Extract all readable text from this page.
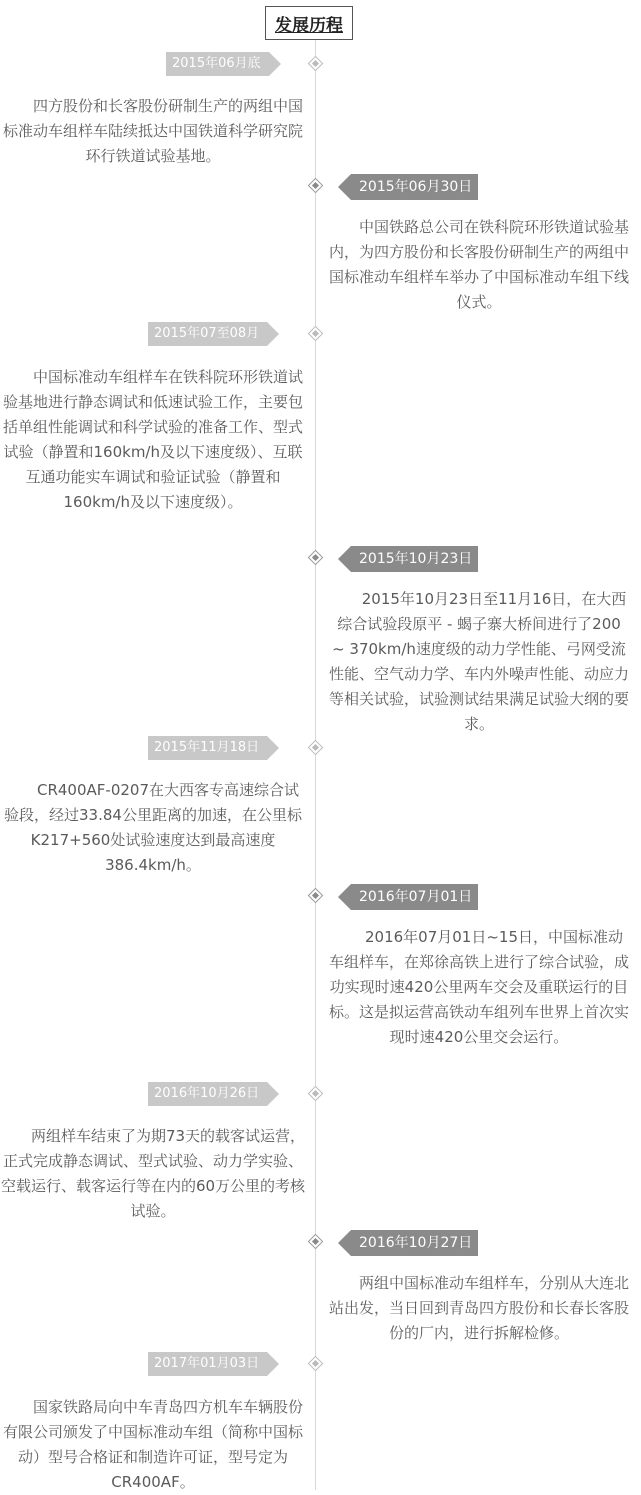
发展历程
2015年06月底
四方股份和长客股份研制生产的两组中国标准动车组样车陆续抵达中国铁道科学研究院环行铁道试验基地。
2015年06月30日
中国铁路总公司在铁科院环形铁道试验基内，为四方股份和长客股份研制生产的两组中国标准动车组样车举办了中国标准动车组下线仪式。
2015年07至08月
中国标准动车组样车在铁科院环形铁道试验基地进行静态调试和低速试验工作，主要包括单组性能调试和科学试验的准备工作、型式试验（静置和160km/h及以下速度级）、互联互通功能实车调试和验证试验（静置和160km/h及以下速度级）。
2015年10月23日
2015年10月23日至11月16日，在大西综合试验段原平 - 蝎子寨大桥间进行了200 ~ 370km/h速度级的动力学性能、弓网受流性能、空气动力学、车内外噪声性能、动应力等相关试验，试验测试结果满足试验大纲的要求。
2015年11月18日
CR400AF-0207在大西客专高速综合试验段，经过33.84公里距离的加速，在公里标K217+560处试验速度达到最高速度386.4km/h。
2016年07月01日
2016年07月01日~15日，中国标准动车组样车，在郑徐高铁上进行了综合试验，成功实现时速420公里两车交会及重联运行的目标。这是拟运营高铁动车组列车世界上首次实现时速420公里交会运行。
2016年10月26日
两组样车结束了为期73天的载客试运营，正式完成静态调试、型式试验、动力学实验、空载运行、载客运行等在内的60万公里的考核试验。
2016年10月27日
两组中国标准动车组样车，分别从大连北站出发，当日回到青岛四方股份和长春长客股份的厂内，进行拆解检修。
2017年01月03日
国家铁路局向中车青岛四方机车车辆股份有限公司颁发了中国标准动车组（简称中国标动）型号合格证和制造许可证，型号定为CR400AF。
